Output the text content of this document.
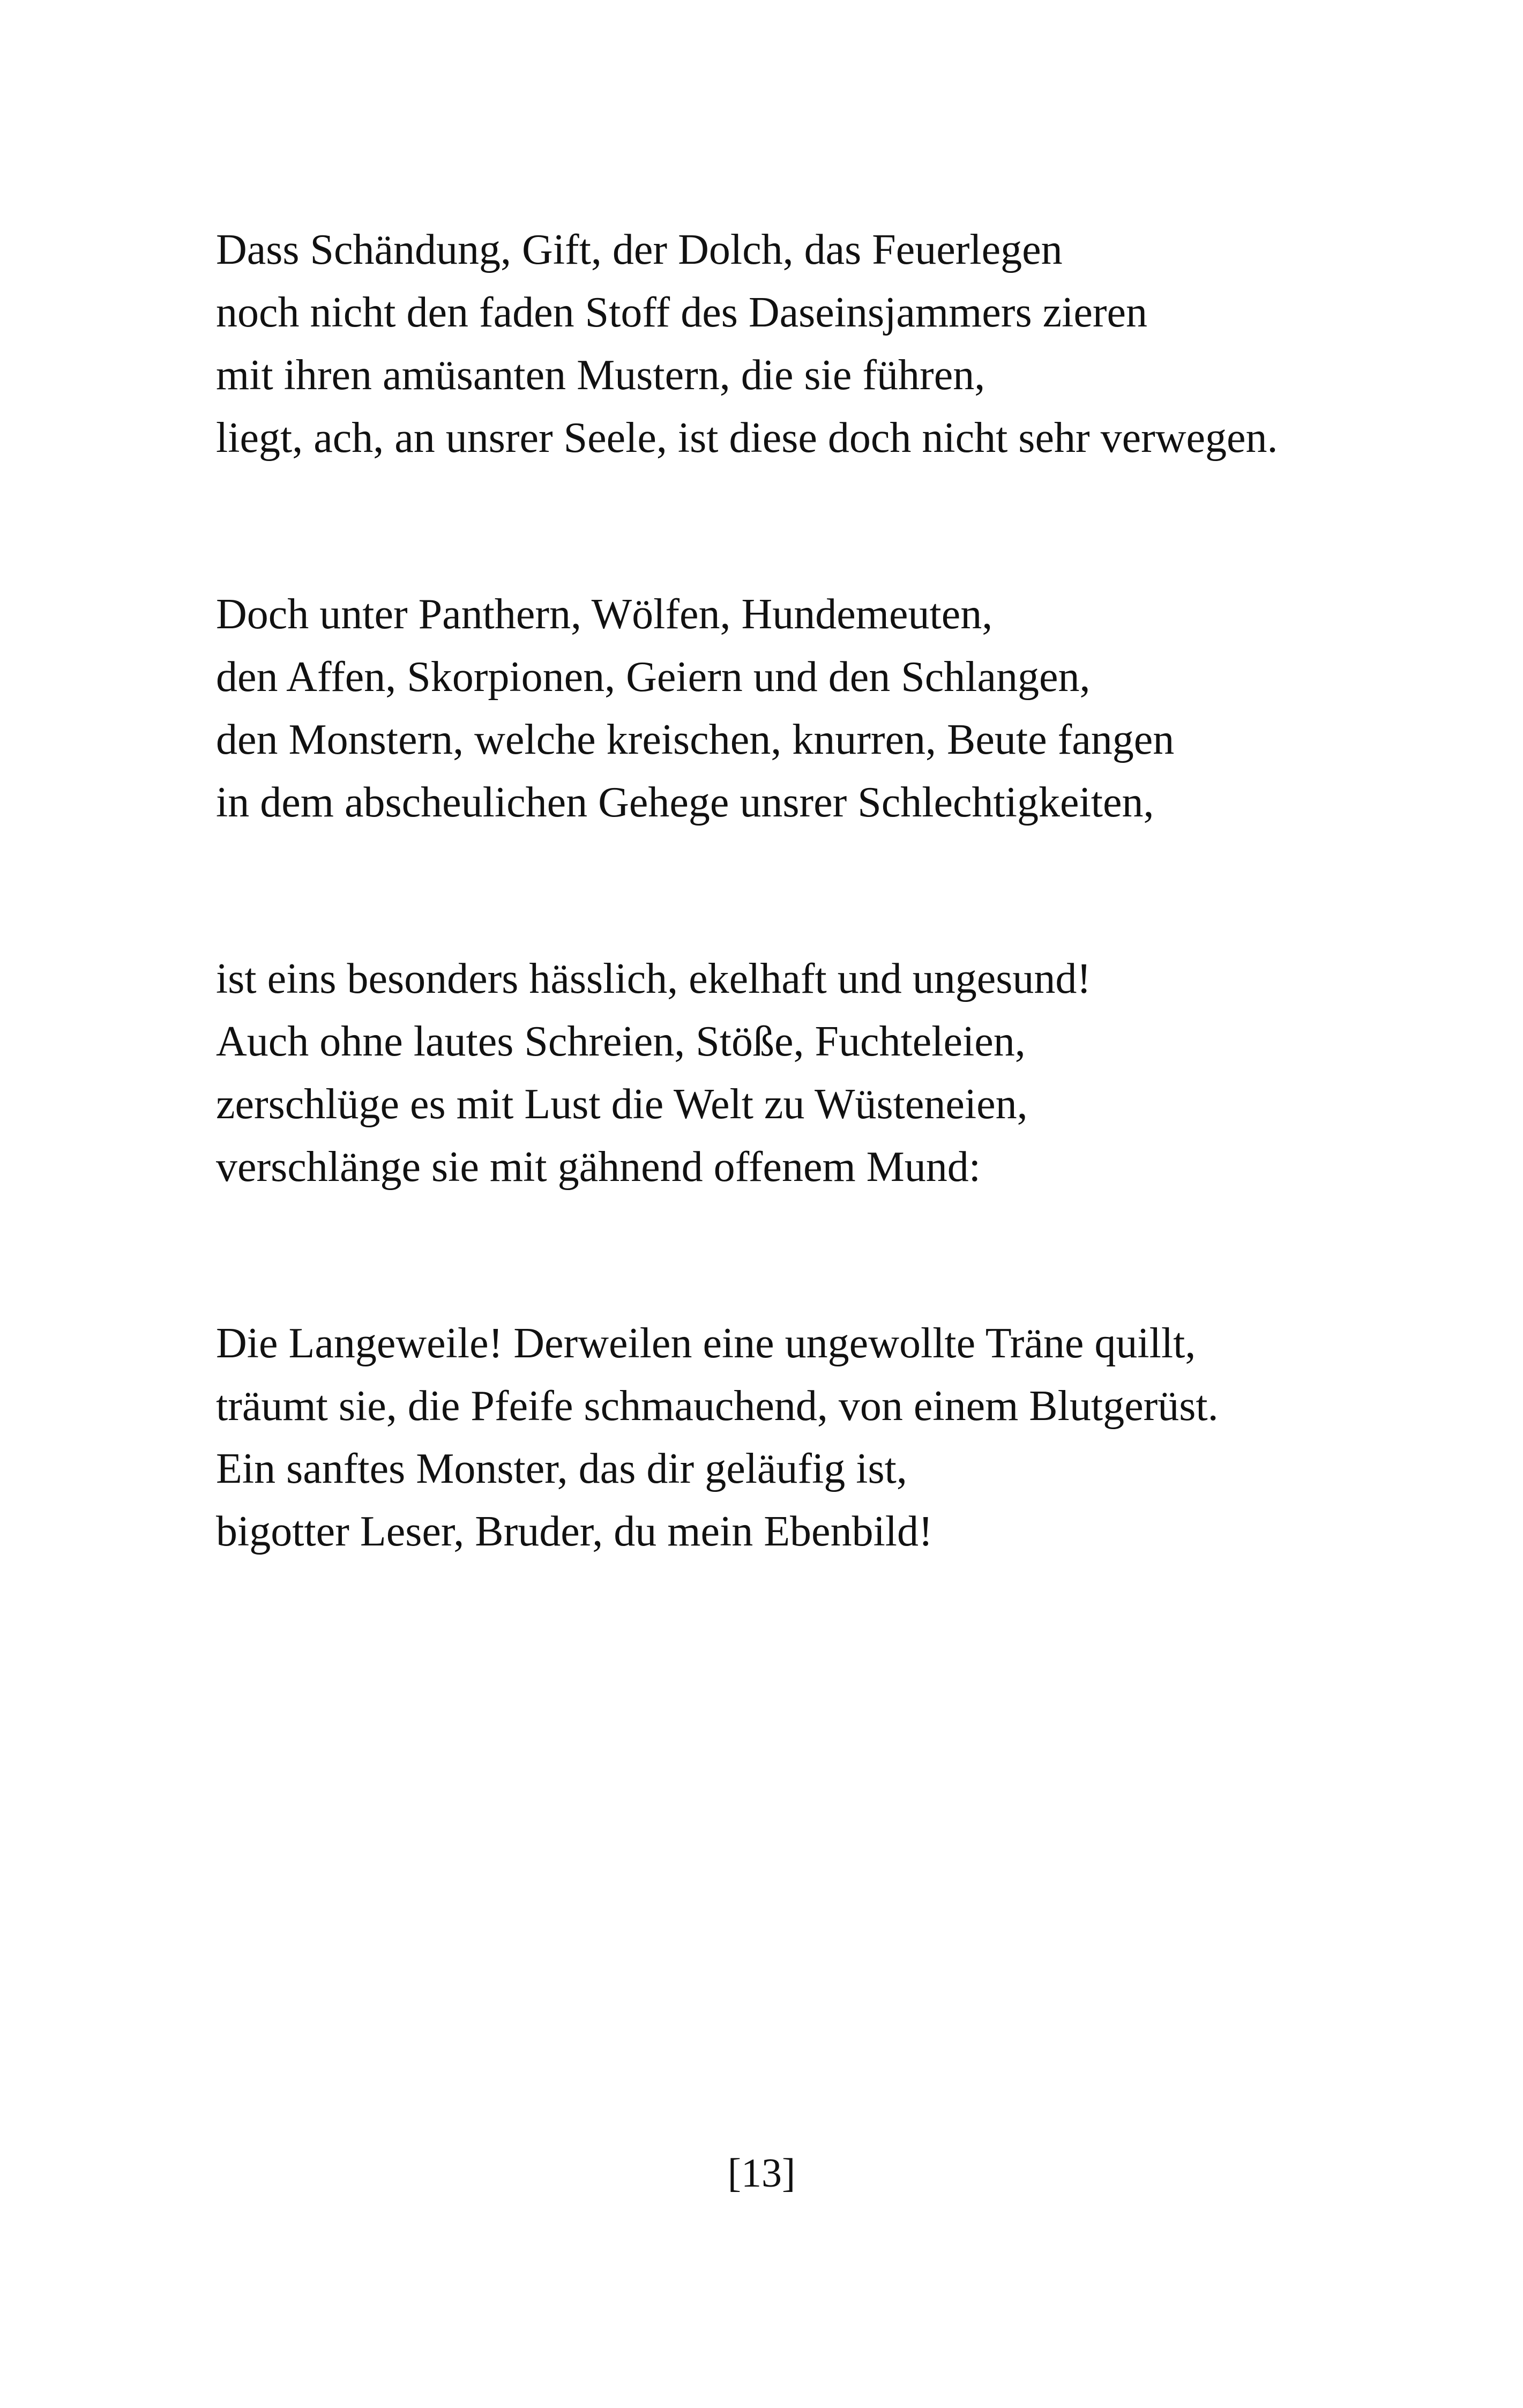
Dass Schändung, Gift, der Dolch, das Feuerlegen
noch nicht den faden Stoff des Daseinsjammers zieren
mit ihren amüsanten Mustern, die sie führen,
liegt, ach, an unsrer Seele, ist diese doch nicht sehr verwegen.
Doch unter Panthern, Wölfen, Hundemeuten,
den Affen, Skorpionen, Geiern und den Schlangen,
den Monstern, welche kreischen, knurren, Beute fangen
in dem abscheulichen Gehege unsrer Schlechtigkeiten,
ist eins besonders hässlich, ekelhaft und ungesund!
Auch ohne lautes Schreien, Stöße, Fuchteleien,
zerschlüge es mit Lust die Welt zu Wüsteneien,
verschlänge sie mit gähnend offenem Mund:
Die Langeweile! Derweilen eine ungewollte Träne quillt,
träumt sie, die Pfeife schmauchend, von einem Blutgerüst.
Ein sanftes Monster, das dir geläufig ist,
bigotter Leser, Bruder, du mein Ebenbild!
[13]
